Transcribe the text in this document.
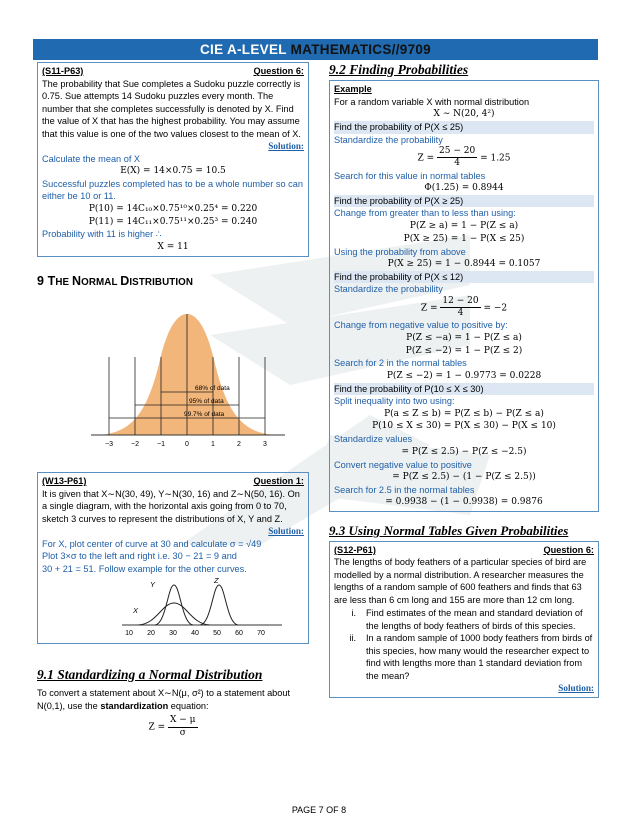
CIE A-LEVEL MATHEMATICS//9709
(S11-P63)	Question 6:
The probability that Sue completes a Sudoku puzzle correctly is 0.75. Sue attempts 14 Sudoku puzzles every month. The number that she completes successfully is denoted by X. Find the value of X that has the highest probability. You may assume that this value is one of the two values closest to the mean of X.
Solution:
Calculate the mean of X
E(X) = 14×0.75 = 10.5
Successful puzzles completed has to be a whole number so can either be 10 or 11.
P(10) = 14C₁₀×0.75¹⁰×0.25⁴ = 0.220
P(11) = 14C₁₁×0.75¹¹×0.25³ = 0.240
Probability with 11 is higher ∴
X = 11
9 THE NORMAL DISTRIBUTION
68% of data
95% of data
99.7% of data
−3	−2	−1	0	1	2	3
(W13-P61)	Question 1:
It is given that X∼N(30, 49), Y∼N(30, 16) and Z∼N(50, 16). On a single diagram, with the horizontal axis going from 0 to 70, sketch 3 curves to represent the distributions of X, Y and Z.
Solution:
For X, plot center of curve at 30 and calculate σ = √49
Plot 3×σ to the left and right i.e. 30 − 21 = 9 and
30 + 21 = 51. Follow example for the other curves.
Y	Z
X
10 20 30 40 50 60 70
9.1 Standardizing a Normal Distribution
To convert a statement about X∼N(μ, σ²) to a statement about N(0,1), use the standardization equation:
$Z = \frac{X - \mu}{\sigma}$
9.2 Finding Probabilities
Example
For a random variable X with normal distribution
X ∼ N(20, 4²)
Find the probability of P(X ≤ 25)
Standardize the probability
$Z = \frac{25 - 20}{4} = 1.25$
Search for this value in normal tables
Φ(1.25) = 0.8944
Find the probability of P(X ≥ 25)
Change from greater than to less than using:
P(Z ≥ a) = 1 − P(Z ≤ a)
P(X ≥ 25) = 1 − P(X ≤ 25)
Using the probability from above
P(X ≥ 25) = 1 − 0.8944 = 0.1057
Find the probability of P(X ≤ 12)
Standardize the probability
$Z = \frac{12 - 20}{4} = -2$
Change from negative value to positive by:
P(Z ≤ −a) = 1 − P(Z ≤ a)
P(Z ≤ −2) = 1 − P(Z ≤ 2)
Search for 2 in the normal tables
P(Z ≤ −2) = 1 − 0.9773 = 0.0228
Find the probability of P(10 ≤ X ≤ 30)
Split inequality into two using:
P(a ≤ Z ≤ b) = P(Z ≤ b) − P(Z ≤ a)
P(10 ≤ X ≤ 30) = P(X ≤ 30) − P(X ≤ 10)
Standardize values
= P(Z ≤ 2.5) − P(Z ≤ −2.5)
Convert negative value to positive
= P(Z ≤ 2.5) − (1 − P(Z ≤ 2.5))
Search for 2.5 in the normal tables
= 0.9938 − (1 − 0.9938) = 0.9876
9.3 Using Normal Tables Given Probabilities
(S12-P61)	Question 6:
The lengths of body feathers of a particular species of bird are modelled by a normal distribution. A researcher measures the lengths of a random sample of 600 feathers and finds that 63 are less than 6 cm long and 155 are more than 12 cm long.
i.	Find estimates of the mean and standard deviation of the lengths of body feathers of birds of this species.
ii.	In a random sample of 1000 body feathers from birds of this species, how many would the researcher expect to find with lengths more than 1 standard deviation from the mean?
Solution:
PAGE 7 OF 8
